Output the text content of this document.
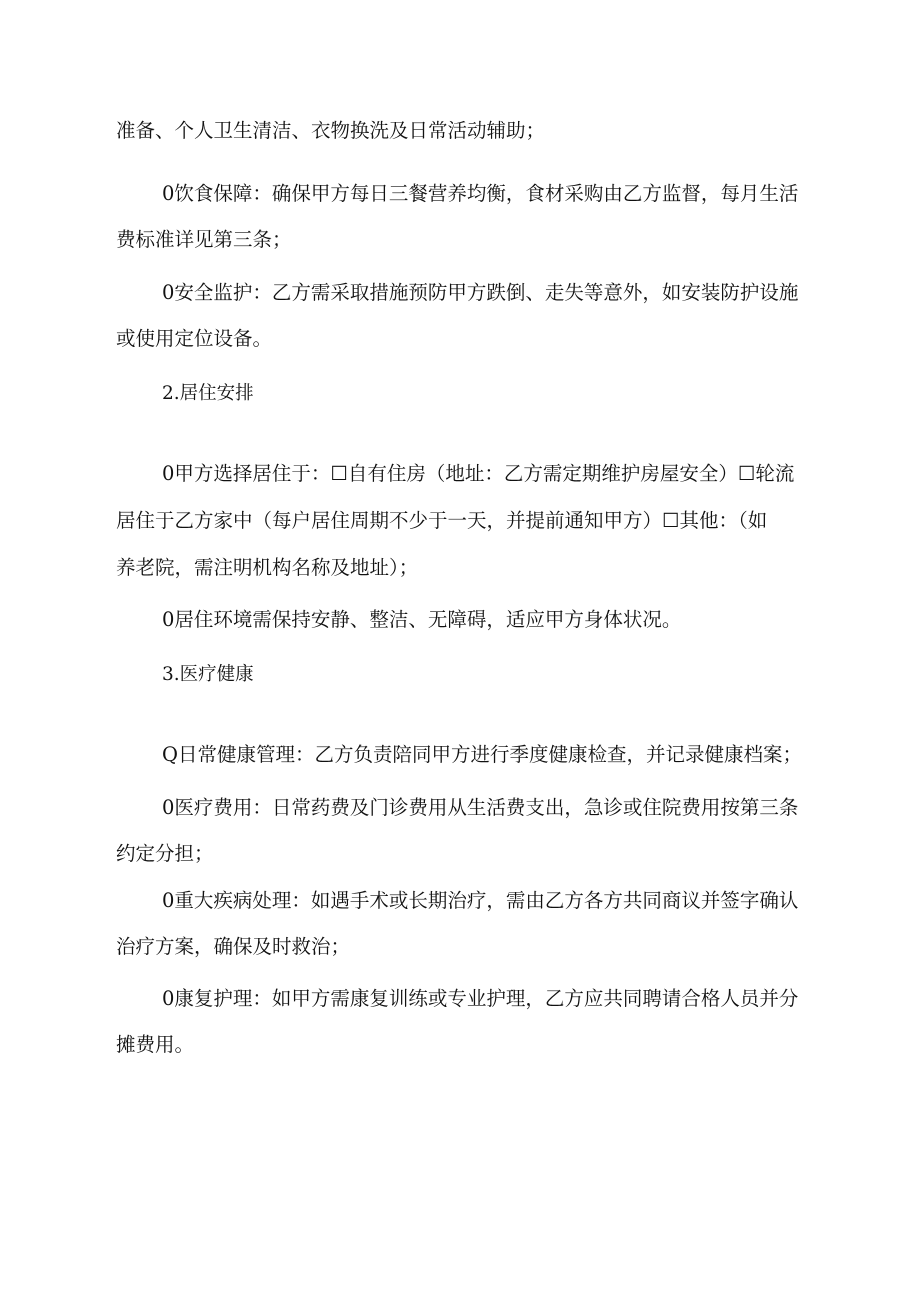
准备、个人卫生清洁、衣物换洗及日常活动辅助；
0饮食保障：确保甲方每日三餐营养均衡，食材采购由乙方监督，每月生活
费标准详见第三条；
0安全监护：乙方需采取措施预防甲方跌倒、走失等意外，如安装防护设施
或使用定位设备。
2.居住安排
0甲方选择居住于：☐自有住房（地址：乙方需定期维护房屋安全）☐轮流
居住于乙方家中（每户居住周期不少于一天，并提前通知甲方）☐其他：（如
养老院，需注明机构名称及地址）；
0居住环境需保持安静、整洁、无障碍，适应甲方身体状况。
3.医疗健康
Q日常健康管理：乙方负责陪同甲方进行季度健康检查，并记录健康档案；
0医疗费用：日常药费及门诊费用从生活费支出，急诊或住院费用按第三条
约定分担；
0重大疾病处理：如遇手术或长期治疗，需由乙方各方共同商议并签字确认
治疗方案，确保及时救治；
0康复护理：如甲方需康复训练或专业护理，乙方应共同聘请合格人员并分
摊费用。
